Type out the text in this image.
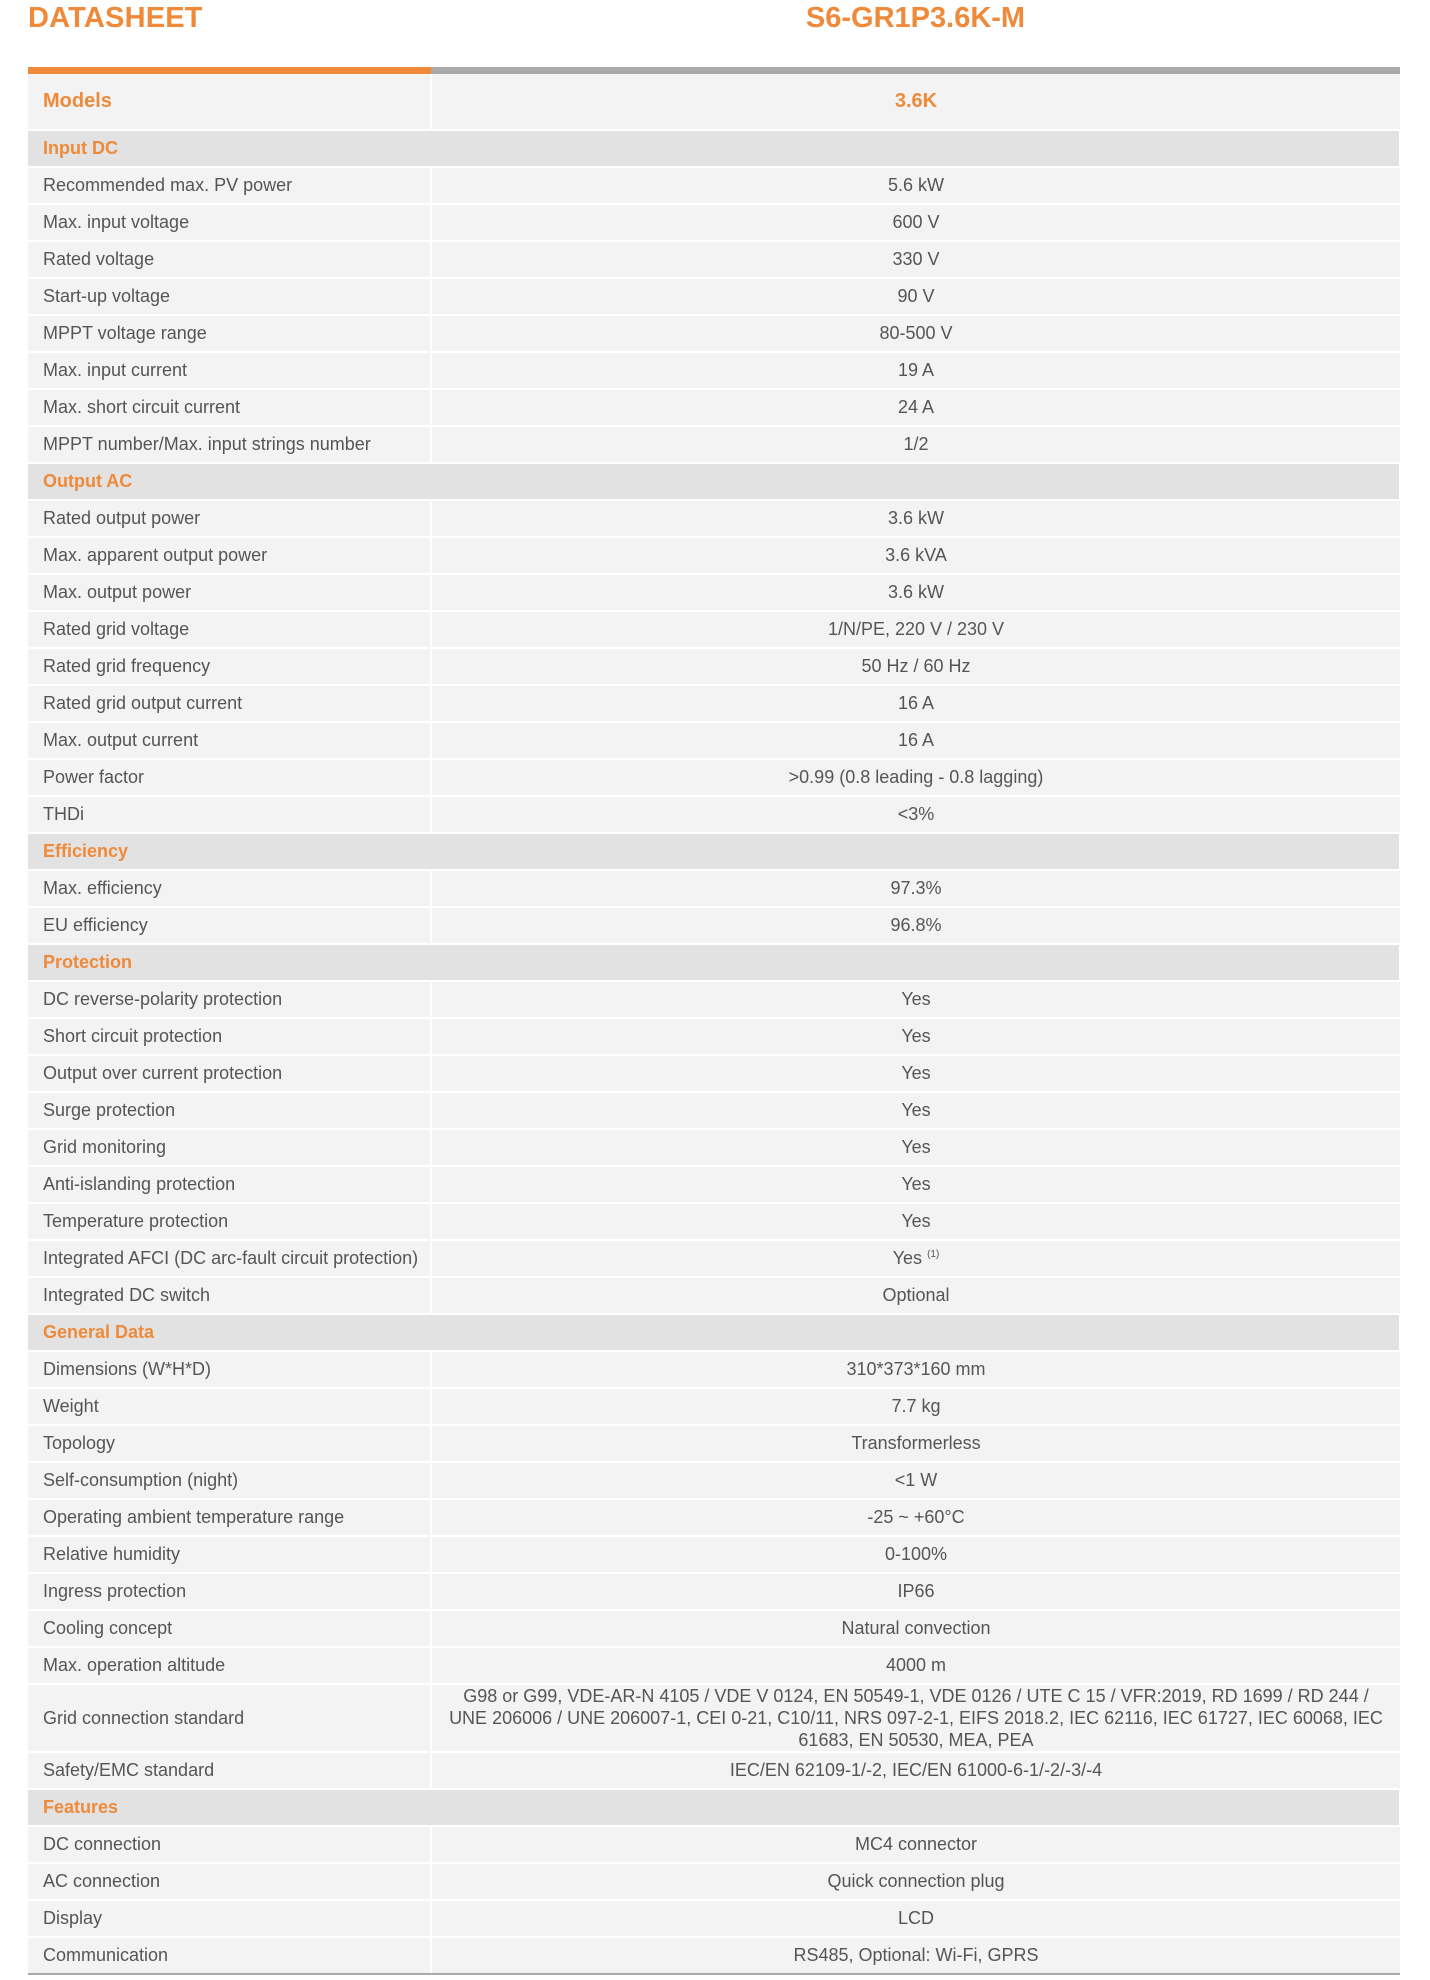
DATASHEET	S6-GR1P3.6K-M
Models	3.6K
Input DC	
Recommended max. PV power	5.6 kW
Max. input voltage	600 V
Rated voltage	330 V
Start-up voltage	90 V
MPPT voltage range	80-500 V
Max. input current	19 A
Max. short circuit current	24 A
MPPT number/Max. input strings number	1/2
Output AC	
Rated output power	3.6 kW
Max. apparent output power	3.6 kVA
Max. output power	3.6 kW
Rated grid voltage	1/N/PE, 220 V / 230 V
Rated grid frequency	50 Hz / 60 Hz
Rated grid output current	16 A
Max. output current	16 A
Power factor	>0.99 (0.8 leading - 0.8 lagging)
THDi	<3%
Efficiency	
Max. efficiency	97.3%
EU efficiency	96.8%
Protection	
DC reverse-polarity protection	Yes
Short circuit protection	Yes
Output over current protection	Yes
Surge protection	Yes
Grid monitoring	Yes
Anti-islanding protection	Yes
Temperature protection	Yes
Integrated AFCI (DC arc-fault circuit protection)	Yes $^{(1)}$
Integrated DC switch	Optional
General Data	
Dimensions (W*H*D)	310*373*160 mm
Weight	7.7 kg
Topology	Transformerless
Self-consumption (night)	<1 W
Operating ambient temperature range	-25 ~ +60°C
Relative humidity	0-100%
Ingress protection	IP66
Cooling concept	Natural convection
Max. operation altitude	4000 m
Grid connection standard	G98 or G99, VDE-AR-N 4105 / VDE V 0124, EN 50549-1, VDE 0126 / UTE C 15 / VFR:2019, RD 1699 / RD 244 / UNE 206006 / UNE 206007-1, CEI 0-21, C10/11, NRS 097-2-1, EIFS 2018.2, IEC 62116, IEC 61727, IEC 60068, IEC 61683, EN 50530, MEA, PEA
Safety/EMC standard	IEC/EN 62109-1/-2, IEC/EN 61000-6-1/-2/-3/-4
Features	
DC connection	MC4 connector
AC connection	Quick connection plug
Display	LCD
Communication	RS485, Optional: Wi-Fi, GPRS
